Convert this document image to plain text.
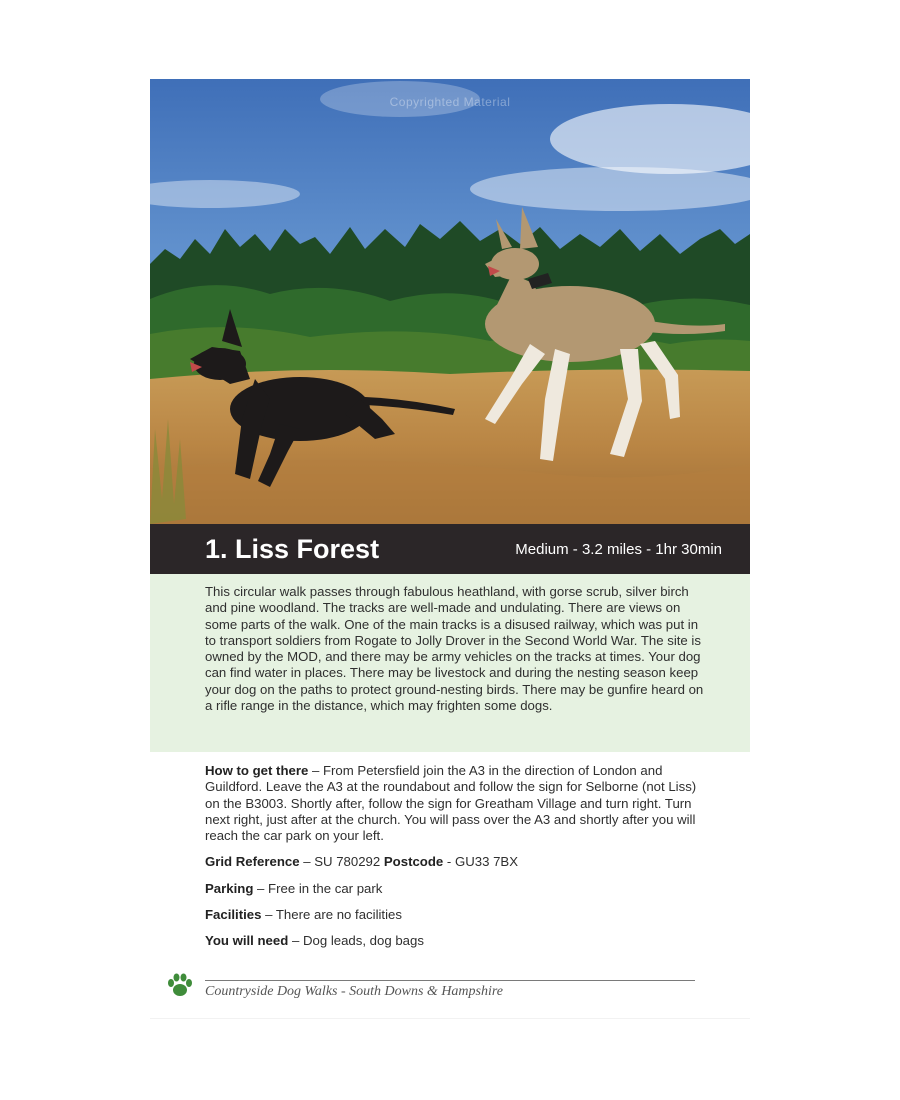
Copyrighted Material
1. Liss Forest	Medium - 3.2 miles - 1hr 30min
This circular walk passes through fabulous heathland, with gorse scrub, silver birch and pine woodland. The tracks are well-made and undulating. There are views on some parts of the walk. One of the main tracks is a disused railway, which was put in to transport soldiers from Rogate to Jolly Drover in the Second World War. The site is owned by the MOD, and there may be army vehicles on the tracks at times. Your dog can find water in places. There may be livestock and during the nesting season keep your dog on the paths to protect ground-nesting birds. There may be gunfire heard on a rifle range in the distance, which may frighten some dogs.

How to get there – From Petersfield join the A3 in the direction of London and Guildford. Leave the A3 at the roundabout and follow the sign for Selborne (not Liss) on the B3003. Shortly after, follow the sign for Greatham Village and turn right. Turn next right, just after at the church. You will pass over the A3 and shortly after you will reach the car park on your left.

Grid Reference – SU 780292 Postcode - GU33 7BX

Parking – Free in the car park

Facilities – There are no facilities

You will need – Dog leads, dog bags

Countryside Dog Walks - South Downs & Hampshire
